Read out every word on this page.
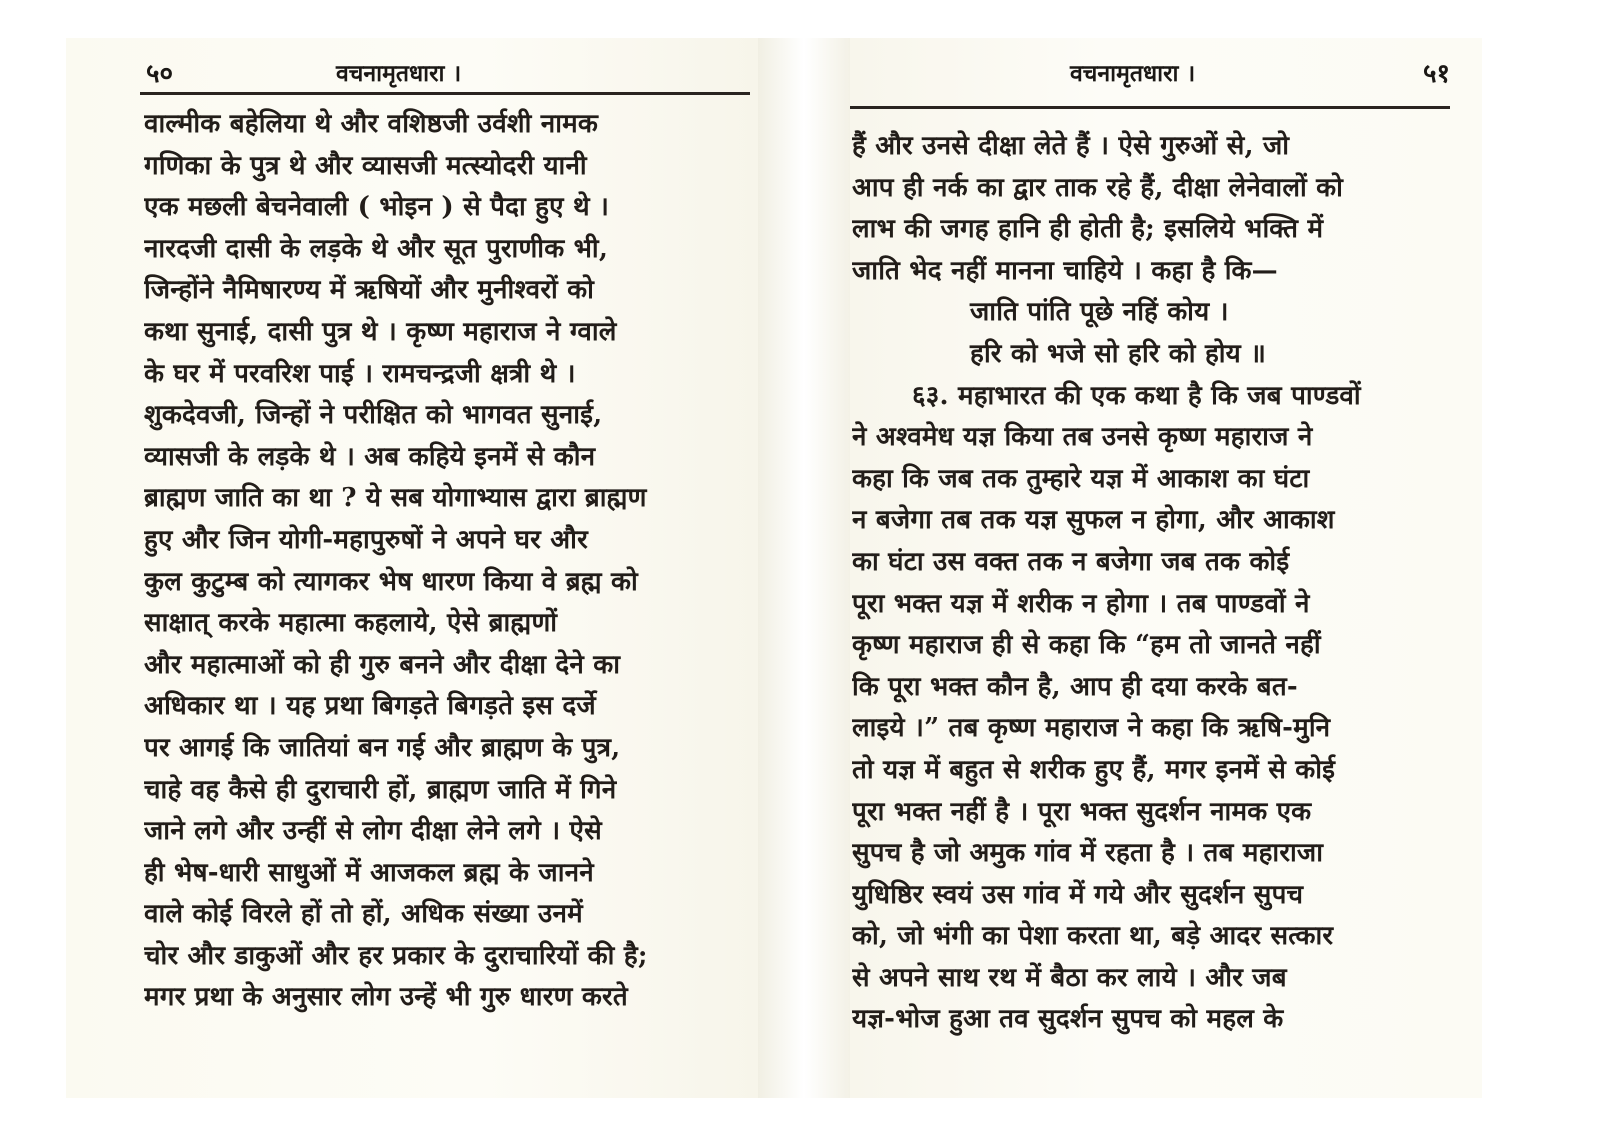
५०	वचनामृतधारा ।
वाल्मीक बहेलिया थे और वशिष्ठजी उर्वशी नामक
गणिका के पुत्र थे और व्यासजी मत्स्योदरी यानी
एक मछली बेचनेवाली ( भोइन ) से पैदा हुए थे ।
नारदजी दासी के लड़के थे और सूत पुराणीक भी,
जिन्होंने नैमिषारण्य में ऋषियों और मुनीश्वरों को
कथा सुनाई, दासी पुत्र थे । कृष्ण महाराज ने ग्वाले
के घर में परवरिश पाई । रामचन्द्रजी क्षत्री थे ।
शुकदेवजी, जिन्हों ने परीक्षित को भागवत सुनाई,
व्यासजी के लड़के थे । अब कहिये इनमें से कौन
ब्राह्मण जाति का था ? ये सब योगाभ्यास द्वारा ब्राह्मण
हुए और जिन योगी-महापुरुषों ने अपने घर और
कुल कुटुम्ब को त्यागकर भेष धारण किया वे ब्रह्म को
साक्षात् करके महात्मा कहलाये, ऐसे ब्राह्मणों
और महात्माओं को ही गुरु बनने और दीक्षा देने का
अधिकार था । यह प्रथा बिगड़ते बिगड़ते इस दर्जे
पर आगई कि जातियां बन गई और ब्राह्मण के पुत्र,
चाहे वह कैसे ही दुराचारी हों, ब्राह्मण जाति में गिने
जाने लगे और उन्हीं से लोग दीक्षा लेने लगे । ऐसे
ही भेष-धारी साधुओं में आजकल ब्रह्म के जानने
वाले कोई विरले हों तो हों, अधिक संख्या उनमें
चोर और डाकुओं और हर प्रकार के दुराचारियों की है;
मगर प्रथा के अनुसार लोग उन्हें भी गुरु धारण करते
वचनामृतधारा ।	५१
हैं और उनसे दीक्षा लेते हैं । ऐसे गुरुओं से, जो
आप ही नर्क का द्वार ताक रहे हैं, दीक्षा लेनेवालों को
लाभ की जगह हानि ही होती है; इसलिये भक्ति में
जाति भेद नहीं मानना चाहिये । कहा है कि—
जाति पांति पूछे नहिं कोय ।
हरि को भजे सो हरि को होय ॥
६३. महाभारत की एक कथा है कि जब पाण्डवों
ने अश्वमेध यज्ञ किया तब उनसे कृष्ण महाराज ने
कहा कि जब तक तुम्हारे यज्ञ में आकाश का घंटा
न बजेगा तब तक यज्ञ सुफल न होगा, और आकाश
का घंटा उस वक्त तक न बजेगा जब तक कोई
पूरा भक्त यज्ञ में शरीक न होगा । तब पाण्डवों ने
कृष्ण महाराज ही से कहा कि “हम तो जानते नहीं
कि पूरा भक्त कौन है, आप ही दया करके बत-
लाइये ।” तब कृष्ण महाराज ने कहा कि ऋषि-मुनि
तो यज्ञ में बहुत से शरीक हुए हैं, मगर इनमें से कोई
पूरा भक्त नहीं है । पूरा भक्त सुदर्शन नामक एक
सुपच है जो अमुक गांव में रहता है । तब महाराजा
युधिष्ठिर स्वयं उस गांव में गये और सुदर्शन सुपच
को, जो भंगी का पेशा करता था, बड़े आदर सत्कार
से अपने साथ रथ में बैठा कर लाये । और जब
यज्ञ-भोज हुआ तव सुदर्शन सुपच को महल के
